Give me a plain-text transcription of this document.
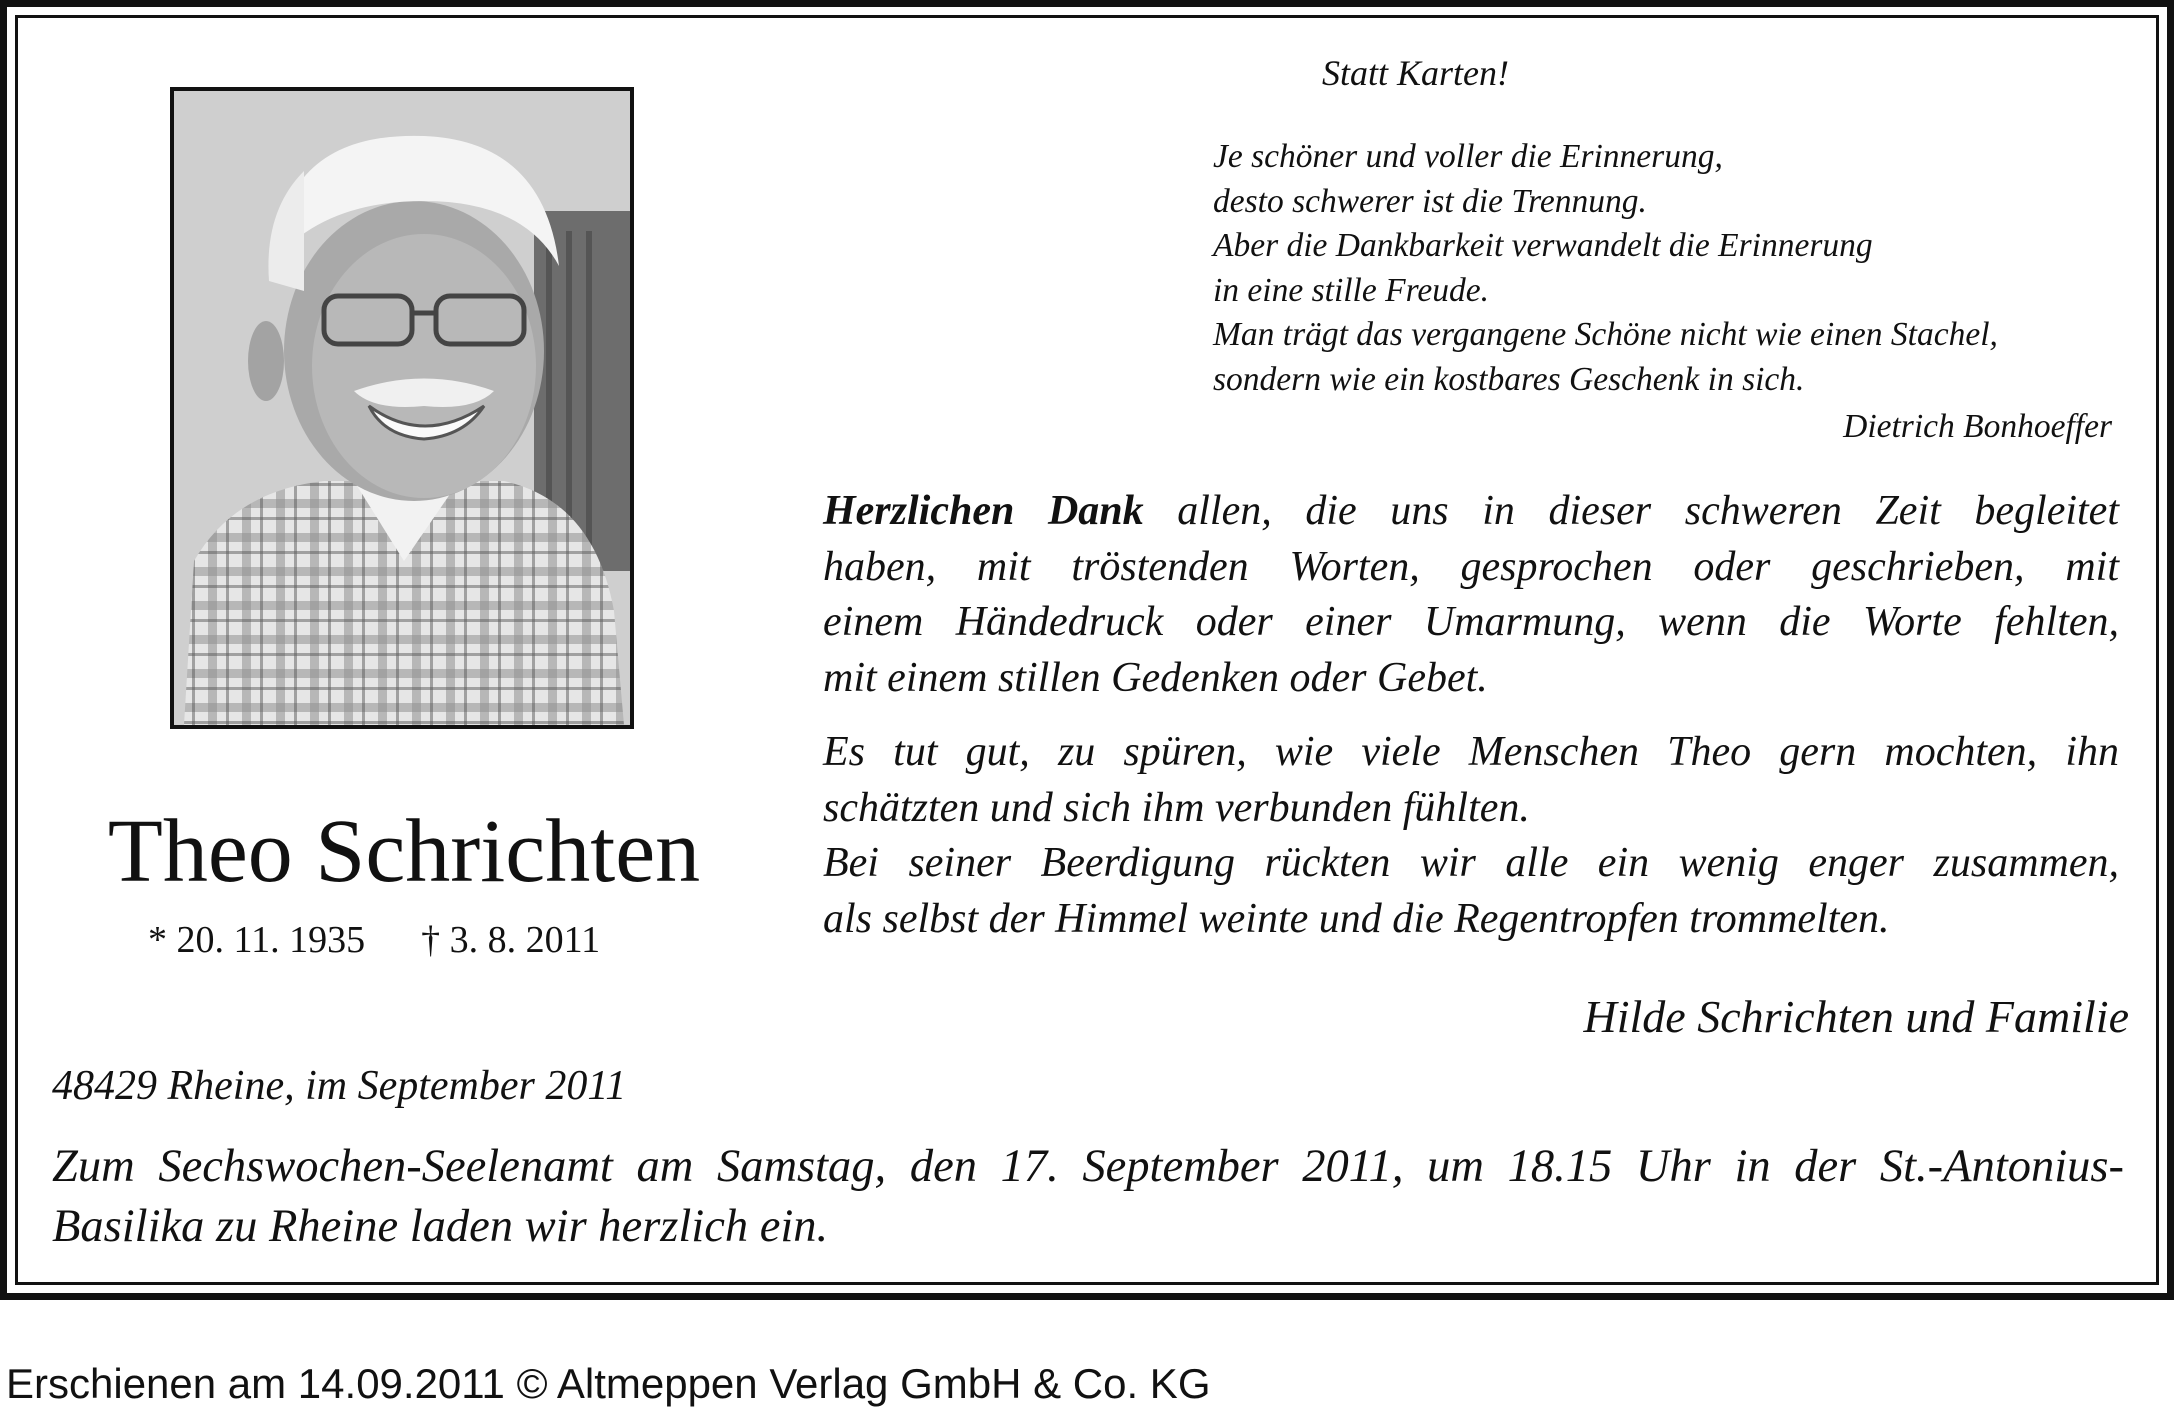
Statt Karten!
Je schöner und voller die Erinnerung,
desto schwerer ist die Trennung.
Aber die Dankbarkeit verwandelt die Erinnerung
in eine stille Freude.
Man trägt das vergangene Schöne nicht wie einen Stachel,
sondern wie ein kostbares Geschenk in sich.
Dietrich Bonhoeffer
Herzlichen Dank allen, die uns in dieser schweren Zeit begleitet
haben, mit tröstenden Worten, gesprochen oder geschrieben, mit
einem Händedruck oder einer Umarmung, wenn die Worte fehlten,
mit einem stillen Gedenken oder Gebet.
Es tut gut, zu spüren, wie viele Menschen Theo gern mochten, ihn
schätzten und sich ihm verbunden fühlten.
Bei seiner Beerdigung rückten wir alle ein wenig enger zusammen,
als selbst der Himmel weinte und die Regentropfen trommelten.
Theo Schrichten
* 20. 11. 1935 † 3. 8. 2011
Hilde Schrichten und Familie
48429 Rheine, im September 2011
Zum Sechswochen-Seelenamt am Samstag, den 17. September 2011, um 18.15 Uhr in der St.-Antonius-
Basilika zu Rheine laden wir herzlich ein.
Erschienen am 14.09.2011 © Altmeppen Verlag GmbH & Co. KG
